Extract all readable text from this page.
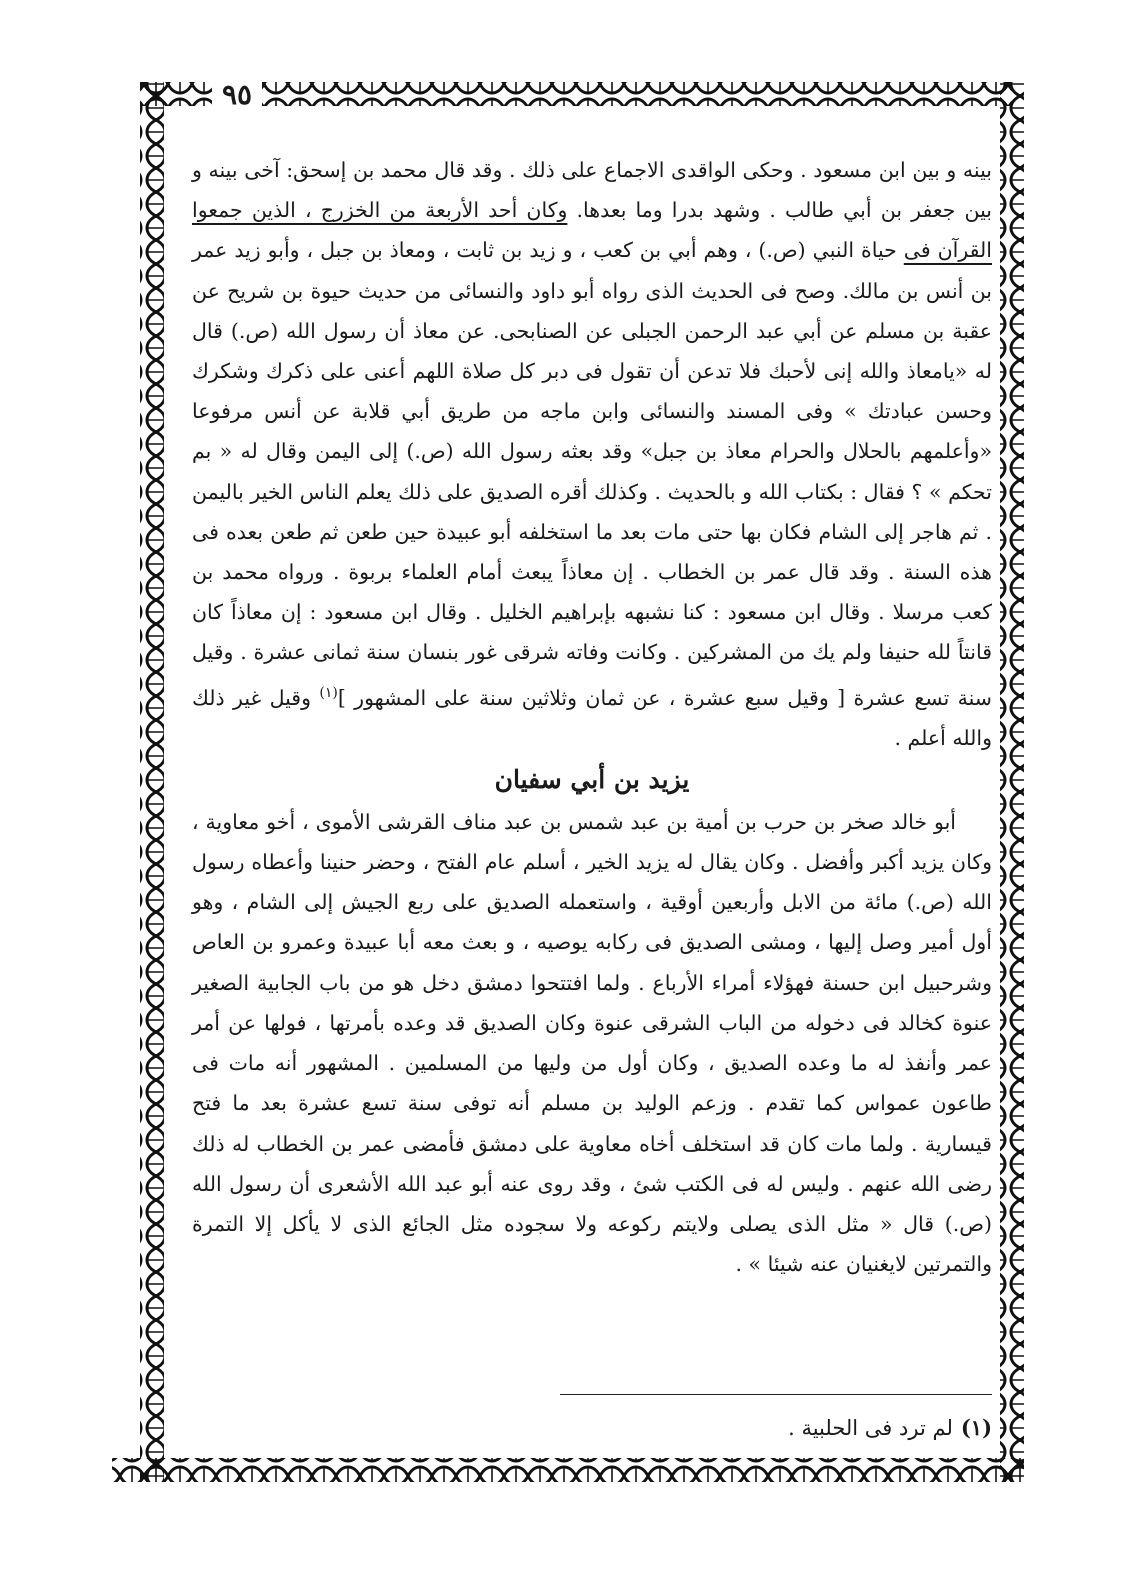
٩٥

بينه و بين ابن مسعود . وحكى الواقدى الاجماع على ذلك . وقد قال محمد بن إسحق: آخى بينه و بين جعفر بن أبي طالب . وشهد بدرا وما بعدها. وكان أحد الأربعة من الخزرج ، الذين جمعوا القرآن فى حياة النبي (ص.) ، وهم أبي بن كعب ، و زيد بن ثابت ، ومعاذ بن جبل ، وأبو زيد عمر بن أنس بن مالك. وصح فى الحديث الذى رواه أبو داود والنسائى من حديث حيوة بن شريح عن عقبة بن مسلم عن أبي عبد الرحمن الجبلى عن الصنابحى. عن معاذ أن رسول الله (ص.) قال له «يامعاذ والله إنى لأحبك فلا تدعن أن تقول فى دبر كل صلاة اللهم أعنى على ذكرك وشكرك وحسن عبادتك » وفى المسند والنسائى وابن ماجه من طريق أبي قلابة عن أنس مرفوعا «وأعلمهم بالحلال والحرام معاذ بن جبل» وقد بعثه رسول الله (ص.) إلى اليمن وقال له « بم تحكم » ؟ فقال : بكتاب الله و بالحديث . وكذلك أقره الصديق على ذلك يعلم الناس الخير باليمن . ثم هاجر إلى الشام فكان بها حتى مات بعد ما استخلفه أبو عبيدة حين طعن ثم طعن بعده فى هذه السنة . وقد قال عمر بن الخطاب . إن معاذاً يبعث أمام العلماء بربوة . ورواه محمد بن كعب مرسلا . وقال ابن مسعود : كنا نشبهه بإبراهيم الخليل . وقال ابن مسعود : إن معاذاً كان قانتاً لله حنيفا ولم يك من المشركين . وكانت وفاته شرقى غور بنسان سنة ثمانى عشرة . وقيل سنة تسع عشرة [ وقيل سبع عشرة ، عن ثمان وثلاثين سنة على المشهور ]$^{(١)}$ وقيل غير ذلك والله أعلم .

يزيد بن أبي سفيان

أبو خالد صخر بن حرب بن أمية بن عبد شمس بن عبد مناف القرشى الأموى ، أخو معاوية ، وكان يزيد أكبر وأفضل . وكان يقال له يزيد الخير ، أسلم عام الفتح ، وحضر حنينا وأعطاه رسول الله (ص.) مائة من الابل وأربعين أوقية ، واستعمله الصديق على ربع الجيش إلى الشام ، وهو أول أمير وصل إليها ، ومشى الصديق فى ركابه يوصيه ، و بعث معه أبا عبيدة وعمرو بن العاص وشرحبيل ابن حسنة فهؤلاء أمراء الأرباع . ولما افتتحوا دمشق دخل هو من باب الجابية الصغير عنوة كخالد فى دخوله من الباب الشرقى عنوة وكان الصديق قد وعده بأمرتها ، فولها عن أمر عمر وأنفذ له ما وعده الصديق ، وكان أول من وليها من المسلمين . المشهور أنه مات فى طاعون عمواس كما تقدم . وزعم الوليد بن مسلم أنه توفى سنة تسع عشرة بعد ما فتح قيسارية . ولما مات كان قد استخلف أخاه معاوية على دمشق فأمضى عمر بن الخطاب له ذلك رضى الله عنهم . وليس له فى الكتب شئ ، وقد روى عنه أبو عبد الله الأشعرى أن رسول الله (ص.) قال « مثل الذى يصلى ولايتم ركوعه ولا سجوده مثل الجائع الذى لا يأكل إلا التمرة والتمرتين لايغنيان عنه شيئا » .

(١)لم ترد فى الحلبية .
